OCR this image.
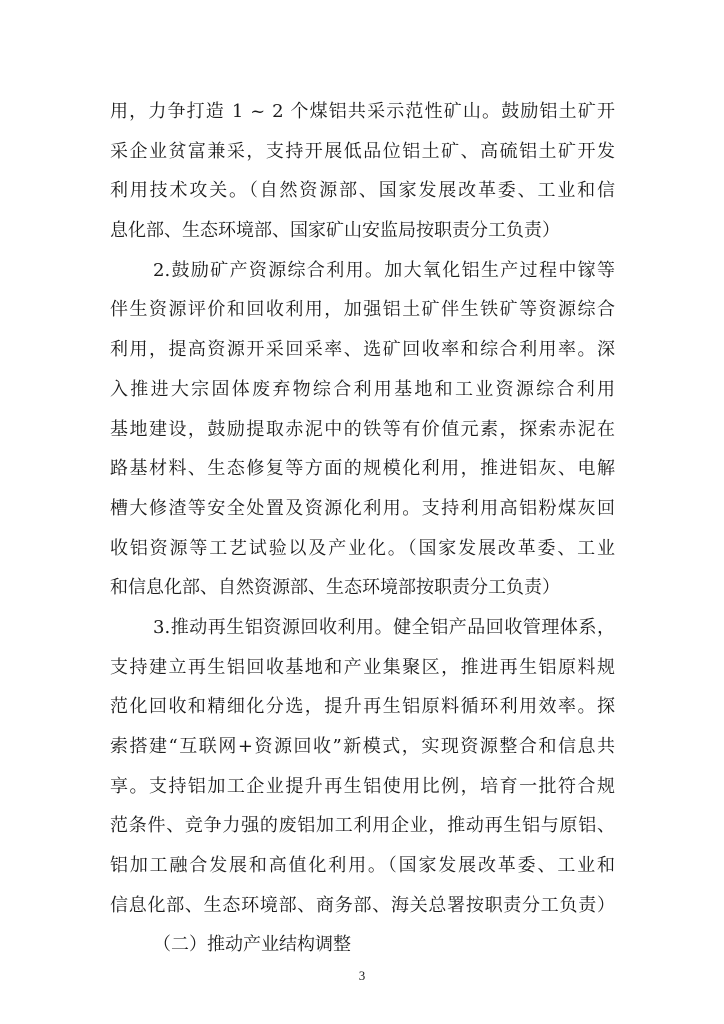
用，力争打造 1 ~ 2 个煤铝共采示范性矿山。鼓励铝土矿开
采企业贫富兼采，支持开展低品位铝土矿、高硫铝土矿开发
利用技术攻关。（自然资源部、国家发展改革委、工业和信
息化部、生态环境部、国家矿山安监局按职责分工负责）
2.鼓励矿产资源综合利用。加大氧化铝生产过程中镓等
伴生资源评价和回收利用，加强铝土矿伴生铁矿等资源综合
利用，提高资源开采回采率、选矿回收率和综合利用率。深
入推进大宗固体废弃物综合利用基地和工业资源综合利用
基地建设，鼓励提取赤泥中的铁等有价值元素，探索赤泥在
路基材料、生态修复等方面的规模化利用，推进铝灰、电解
槽大修渣等安全处置及资源化利用。支持利用高铝粉煤灰回
收铝资源等工艺试验以及产业化。（国家发展改革委、工业
和信息化部、自然资源部、生态环境部按职责分工负责）
3.推动再生铝资源回收利用。健全铝产品回收管理体系，
支持建立再生铝回收基地和产业集聚区，推进再生铝原料规
范化回收和精细化分选，提升再生铝原料循环利用效率。探
索搭建“互联网+资源回收”新模式，实现资源整合和信息共
享。支持铝加工企业提升再生铝使用比例，培育一批符合规
范条件、竞争力强的废铝加工利用企业，推动再生铝与原铝、
铝加工融合发展和高值化利用。（国家发展改革委、工业和
信息化部、生态环境部、商务部、海关总署按职责分工负责）
（二）推动产业结构调整
3
